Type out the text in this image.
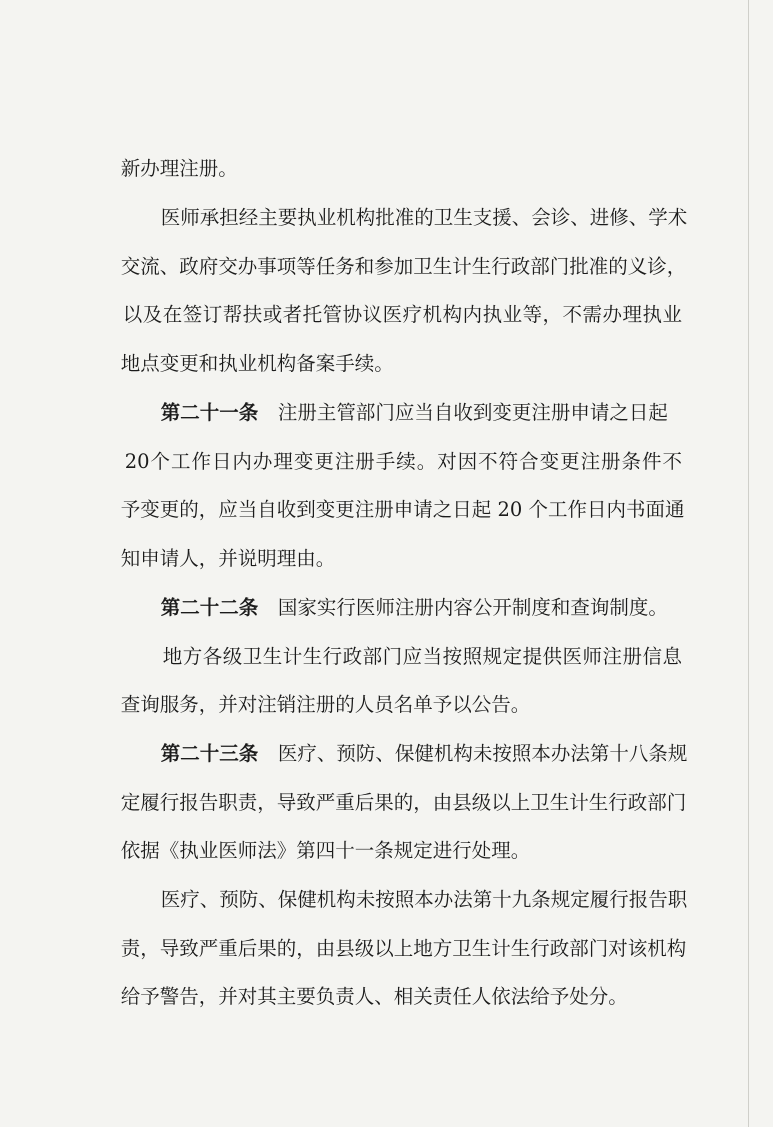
新办理注册。

医师承担经主要执业机构批准的卫生支援、会诊、进修、学术

交流、政府交办事项等任务和参加卫生计生行政部门批准的义诊，

以及在签订帮扶或者托管协议医疗机构内执业等，不需办理执业

地点变更和执业机构备案手续。

第二十一条　 注册主管部门应当自收到变更注册申请之日起

20个工作日内办理变更注册手续。对因不符合变更注册条件不

予变更的，应当自收到变更注册申请之日起 20 个工作日内书面通

知申请人，并说明理由。

第二十二条　 国家实行医师注册内容公开制度和查询制度。

地方各级卫生计生行政部门应当按照规定提供医师注册信息

查询服务，并对注销注册的人员名单予以公告。

第二十三条　 医疗、预防、保健机构未按照本办法第十八条规

定履行报告职责，导致严重后果的，由县级以上卫生计生行政部门

依据《执业医师法》第四十一条规定进行处理。

医疗、预防、保健机构未按照本办法第十九条规定履行报告职

责，导致严重后果的，由县级以上地方卫生计生行政部门对该机构

给予警告，并对其主要负责人、相关责任人依法给予处分。
